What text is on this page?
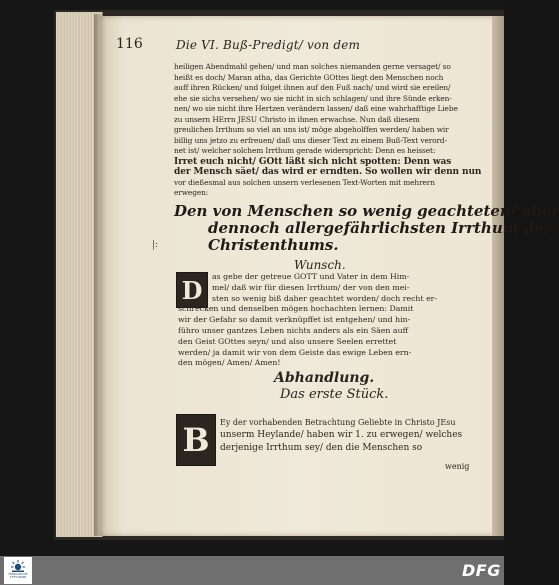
116	Die VI. Buß-Predigt/ von dem
heiligen Abendmahl gehen/ und man solches niemanden gerne versaget/ so
heißt es doch/ Maran atha, das Gerichte GOttes liegt den Menschen noch
auff ihren Rücken/ und folget ihnen auf den Fuß nach/ und wird sie ereilen/
ehe sie sichs versehen/ wo sie nicht in sich schlagen/ und ihre Sünde erken-
nen/ wo sie nicht ihre Hertzen verändern lassen/ daß eine wahrhafftige Liebe
zu unsern HErrn JESU Christo in ihnen erwachse. Nun daß diesem
greulichen Irrthum so viel an uns ist/ möge abgeholffen werden/ haben wir
billig uns jetzo zu erfreuen/ daß uns dieser Text zu einem Buß-Text verord-
net ist/ welcher solchem Irrthum gerade widerspricht: Denn es heisset:
Irret euch nicht/ GOtt läßt sich nicht spotten: Denn was
der Mensch säet/ das wird er erndten. So wollen wir denn nun
vor dießesmal aus solchen unsern verlesenen Text-Worten mit mehrern
erwegen:
Den von Menschen so wenig geachteten/ aber
dennoch allergefährlichsten Irrthum des
Christenthums.
|:
Wunsch.
D	as gebe der getreue GOTT und Vater in dem Him-
mel/ daß wir für diesen Irrthum/ der von den mei-
sten so wenig biß daher geachtet worden/ doch recht er-
schrecken und denselben mögen hochachten lernen: Damit
wir der Gefahr so damit verknüpffet ist entgehen/ und hin-
führo unser gantzes Leben nichts anders als ein Säen auff
den Geist GOttes seyn/ und also unsere Seelen errettet
werden/ ja damit wir von dem Geiste das ewige Leben ern-
den mögen/ Amen/ Amen!
Abhandlung.
Das erste Stück.
B	Ey der vorhabenden Betrachtung Geliebte in Christo JEsu
unserm Heylande/ haben wir 1. zu erwegen/ welches
derjenige Irrthum sey/ den die Menschen so
wenig
FRANCKESCHE
STIFTUNGEN	DFG
